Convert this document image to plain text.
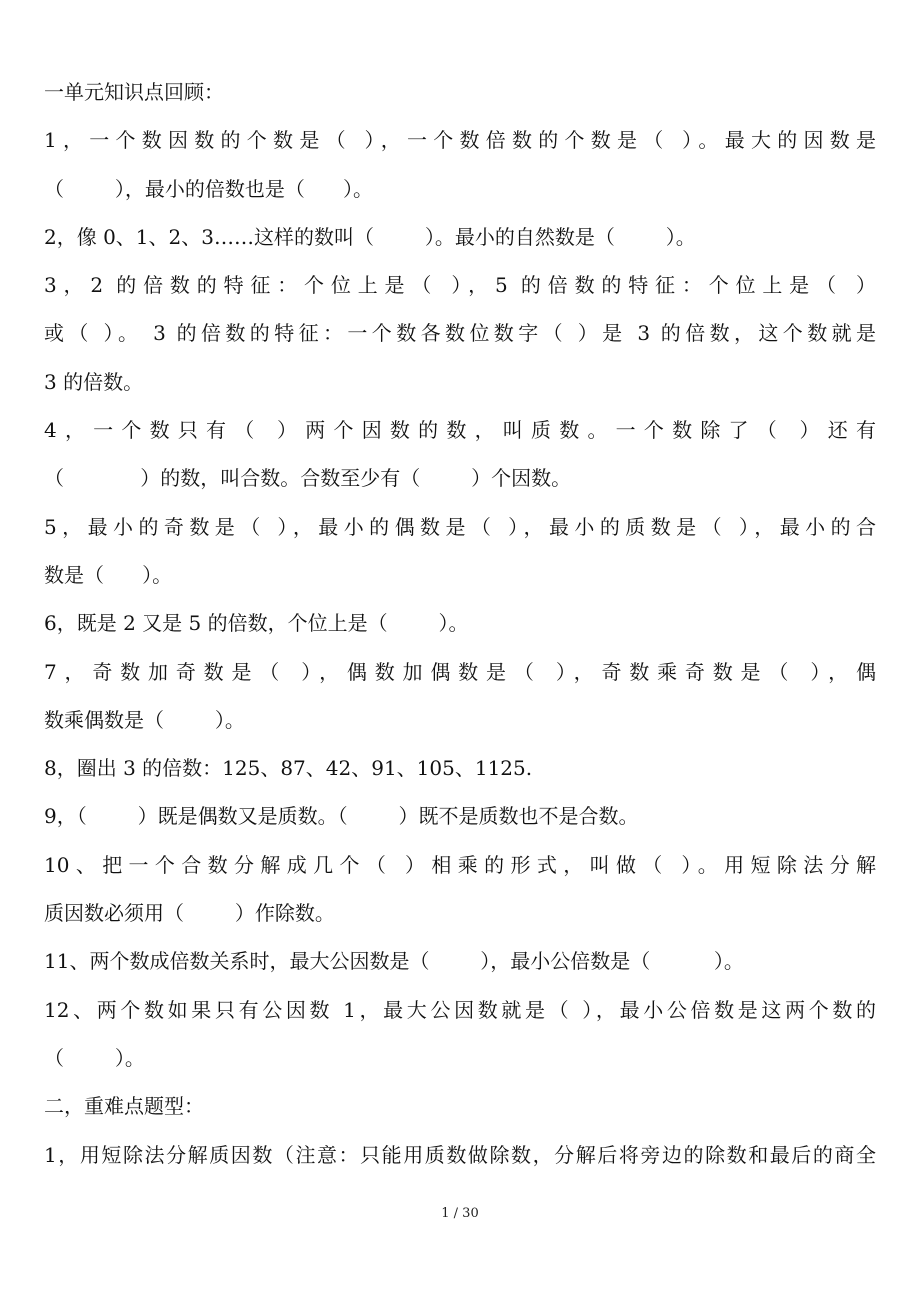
一单元知识点回顾：
1，一个数因数的个数是（ ），一个数倍数的个数是（ ）。最大的因数是
（        ），最小的倍数也是（      ）。
2，像 0、1、2、3……这样的数叫（        ）。最小的自然数是（        ）。
3，2 的倍数的特征：个位上是（ ），5 的倍数的特征：个位上是（ ）
或（ ）。 3 的倍数的特征：一个数各数位数字（ ）是 3 的倍数，这个数就是
3 的倍数。
4，一个数只有（ ）两个因数的数，叫质数。一个数除了（ ）还有
（            ）的数，叫合数。合数至少有（        ）个因数。
5，最小的奇数是（ ），最小的偶数是（ ），最小的质数是（ ），最小的合
数是（      ）。
6，既是 2 又是 5 的倍数，个位上是（        ）。
7，奇数加奇数是（ ），偶数加偶数是（ ），奇数乘奇数是（ ），偶
数乘偶数是（        ）。
8，圈出 3 的倍数：125、87、42、91、105、1125.
9，（        ）既是偶数又是质数。（        ）既不是质数也不是合数。
10、把一个合数分解成几个（ ）相乘的形式，叫做（ ）。用短除法分解
质因数必须用（        ）作除数。
11、两个数成倍数关系时，最大公因数是（        ），最小公倍数是（          ）。
12、两个数如果只有公因数 1，最大公因数就是（ ），最小公倍数是这两个数的
（        ）。
二，重难点题型：
1，用短除法分解质因数（注意：只能用质数做除数，分解后将旁边的除数和最后的商全
1 / 30
